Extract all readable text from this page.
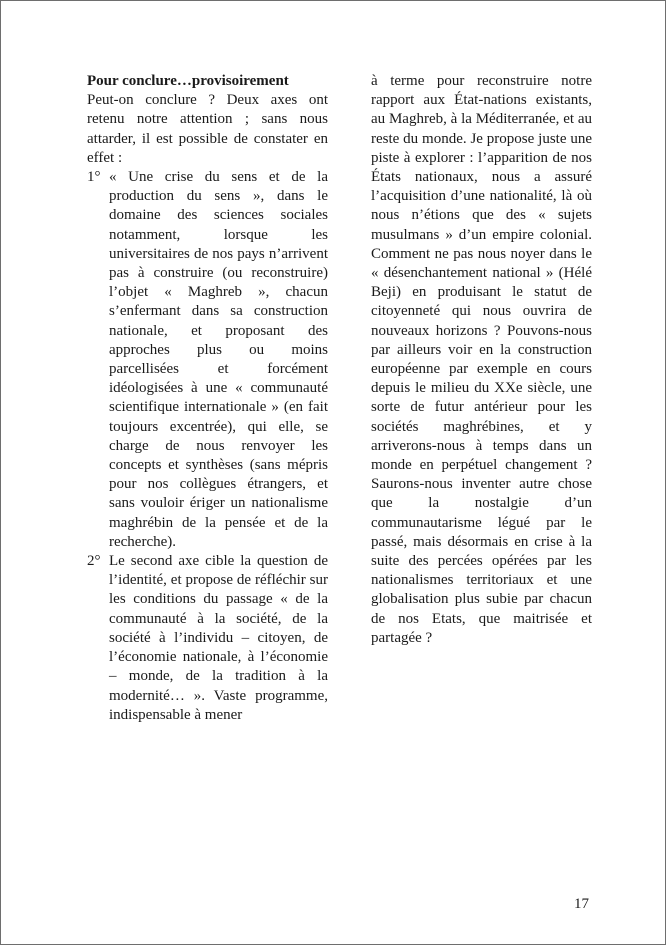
Pour conclure…provisoirement

Peut-on conclure ? Deux axes ont retenu notre attention ; sans nous attarder, il est possible de constater en effet :

1° « Une crise du sens et de la production du sens », dans le domaine des sciences sociales notamment, lorsque les universitaires de nos pays n’arrivent pas à construire (ou reconstruire) l’objet « Maghreb », chacun s’enfermant dans sa construction nationale, et proposant des approches plus ou moins parcellisées et forcément idéologisées à une « communauté scientifique internationale » (en fait toujours excentrée), qui elle, se charge de nous renvoyer les concepts et synthèses (sans mépris pour nos collègues étrangers, et sans vouloir ériger un nationalisme maghrébin de la pensée et de la recherche).
2° Le second axe cible la question de l’identité, et propose de réfléchir sur les conditions du passage « de la communauté à la société, de la société à l’individu – citoyen, de l’économie nationale, à l’économie – monde, de la tradition à la modernité… ». Vaste programme, indispensable à mener

à terme pour reconstruire notre rapport aux État-nations existants, au Maghreb, à la Méditerranée, et au reste du monde. Je propose juste une piste à explorer : l’apparition de nos États nationaux, nous a assuré l’acquisition d’une nationalité, là où nous n’étions que des « sujets musulmans » d’un empire colonial. Comment ne pas nous noyer dans le « désenchantement national » (Hélé Beji) en produisant le statut de citoyenneté qui nous ouvrira de nouveaux horizons ? Pouvons-nous par ailleurs voir en la construction européenne par exemple en cours depuis le milieu du XXe siècle, une sorte de futur antérieur pour les sociétés maghrébines, et y arriverons-nous à temps dans un monde en perpétuel changement ? Saurons-nous inventer autre chose que la nostalgie d’un communautarisme légué par le passé, mais désormais en crise à la suite des percées opérées par les nationalismes territoriaux et une globalisation plus subie par chacun de nos Etats, que maitrisée et partagée ?

17
